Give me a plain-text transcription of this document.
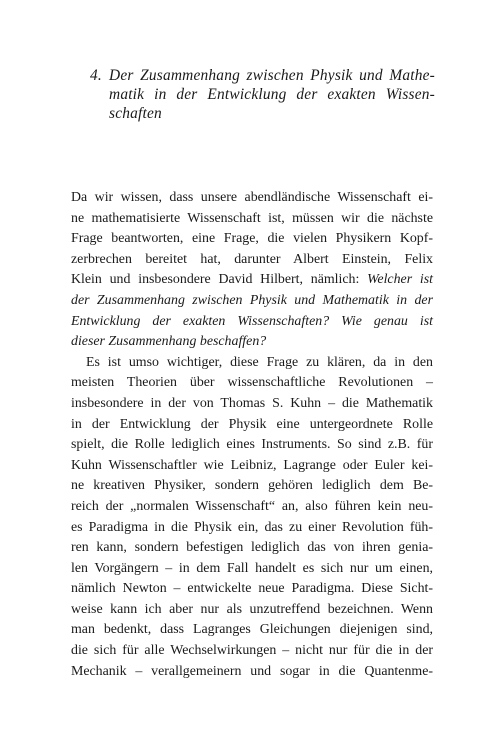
4. Der Zusammenhang zwischen Physik und Mathe-
matik in der Entwicklung der exakten Wissen-
schaften
Da wir wissen, dass unsere abendländische Wissenschaft ei-
ne mathematisierte Wissenschaft ist, müssen wir die nächste
Frage beantworten, eine Frage, die vielen Physikern Kopf-
zerbrechen bereitet hat, darunter Albert Einstein, Felix
Klein und insbesondere David Hilbert, nämlich: Welcher ist
der Zusammenhang zwischen Physik und Mathematik in der
Entwicklung der exakten Wissenschaften? Wie genau ist
dieser Zusammenhang beschaffen?
Es ist umso wichtiger, diese Frage zu klären, da in den
meisten Theorien über wissenschaftliche Revolutionen –
insbesondere in der von Thomas S. Kuhn – die Mathematik
in der Entwicklung der Physik eine untergeordnete Rolle
spielt, die Rolle lediglich eines Instruments. So sind z.B. für
Kuhn Wissenschaftler wie Leibniz, Lagrange oder Euler kei-
ne kreativen Physiker, sondern gehören lediglich dem Be-
reich der „normalen Wissenschaft“ an, also führen kein neu-
es Paradigma in die Physik ein, das zu einer Revolution füh-
ren kann, sondern befestigen lediglich das von ihren genia-
len Vorgängern – in dem Fall handelt es sich nur um einen,
nämlich Newton – entwickelte neue Paradigma. Diese Sicht-
weise kann ich aber nur als unzutreffend bezeichnen. Wenn
man bedenkt, dass Lagranges Gleichungen diejenigen sind,
die sich für alle Wechselwirkungen – nicht nur für die in der
Mechanik – verallgemeinern und sogar in die Quantenme-
